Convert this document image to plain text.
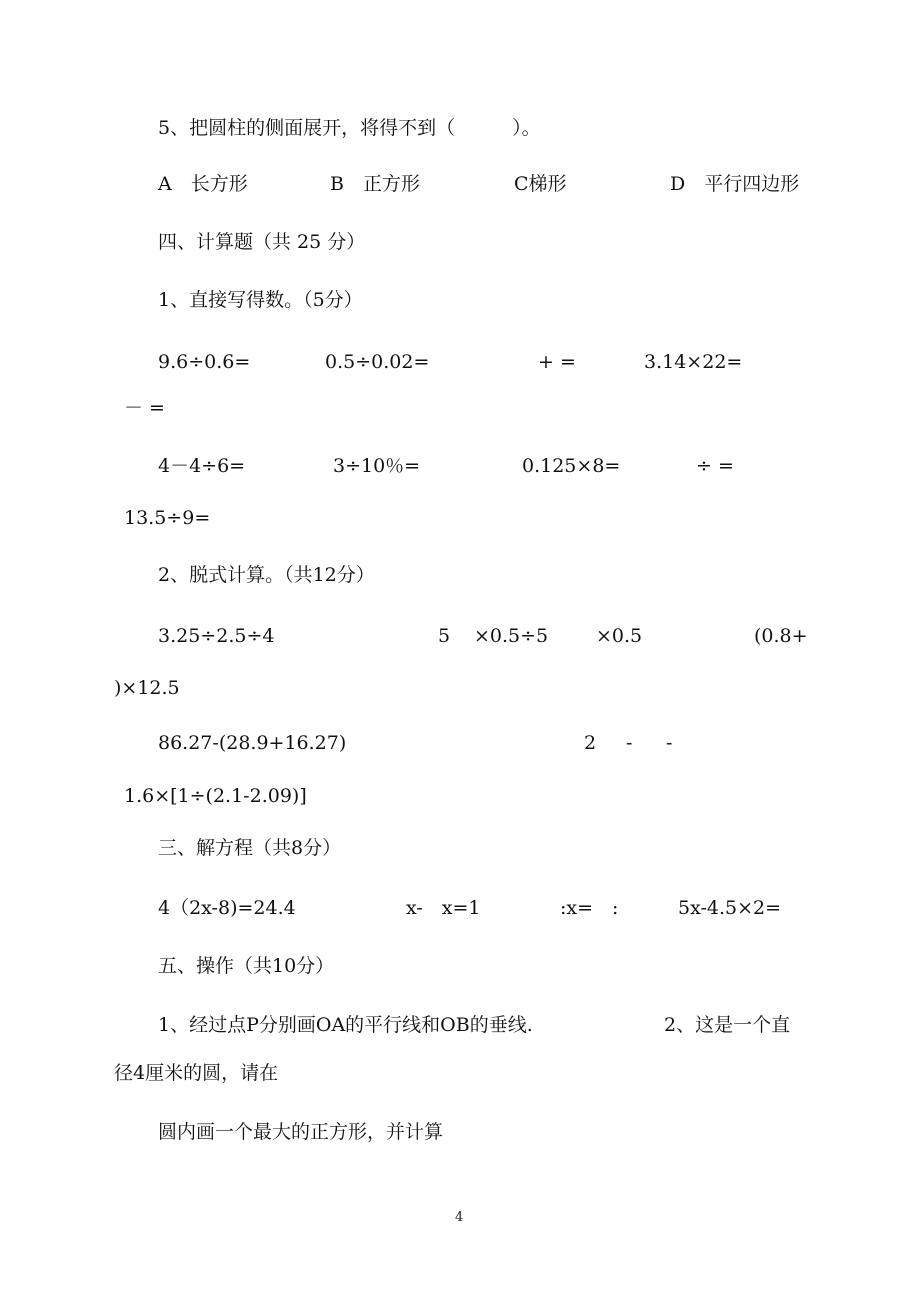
5、把圆柱的侧面展开，将得不到（　　　）。
A　长方形	B　正方形	C梯形	D　平行四边形
四、计算题（共 25 分）
1、直接写得数。（5分）
9.6÷0.6=	0.5÷0.02=	+ =	3.14×22=
－ =
4－4÷6=	3÷10％=	0.125×8=	÷ =
13.5÷9=
2、脱式计算。（共12分）
3.25÷2.5÷4	5 ×0.5÷5	×0.5	(0.8+
)×12.5
86.27-(28.9+16.27)	2 - -
1.6×[1÷(2.1-2.09)]
三、解方程（共8分）
4（2x-8)=24.4	x-　x=1	:x=　:	5x-4.5×2=
五、操作（共10分）
1、经过点P分别画OA的平行线和OB的垂线.	2、这是一个直
径4厘米的圆，请在
圆内画一个最大的正方形，并计算
4
